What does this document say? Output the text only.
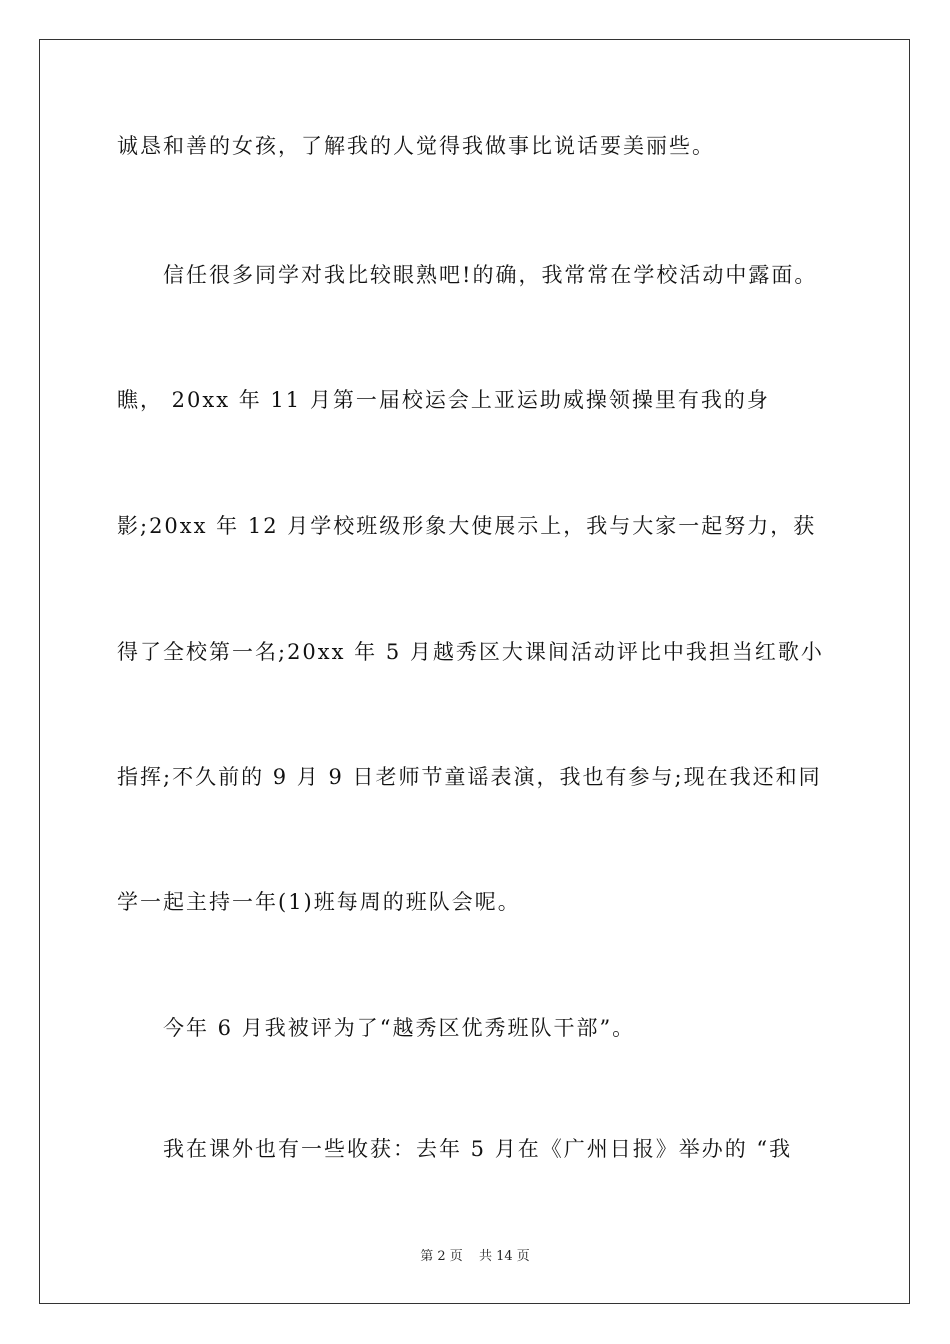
诚恳和善的女孩，了解我的人觉得我做事比说话要美丽些。
信任很多同学对我比较眼熟吧!的确，我常常在学校活动中露面。
瞧， 20xx 年 11 月第一届校运会上亚运助威操领操里有我的身
影;20xx 年 12 月学校班级形象大使展示上，我与大家一起努力，获
得了全校第一名;20xx 年 5 月越秀区大课间活动评比中我担当红歌小
指挥;不久前的 9 月 9 日老师节童谣表演，我也有参与;现在我还和同
学一起主持一年(1)班每周的班队会呢。
今年 6 月我被评为了“越秀区优秀班队干部”。
我在课外也有一些收获：去年 5 月在《广州日报》举办的 “我
第 2 页 共 14 页
